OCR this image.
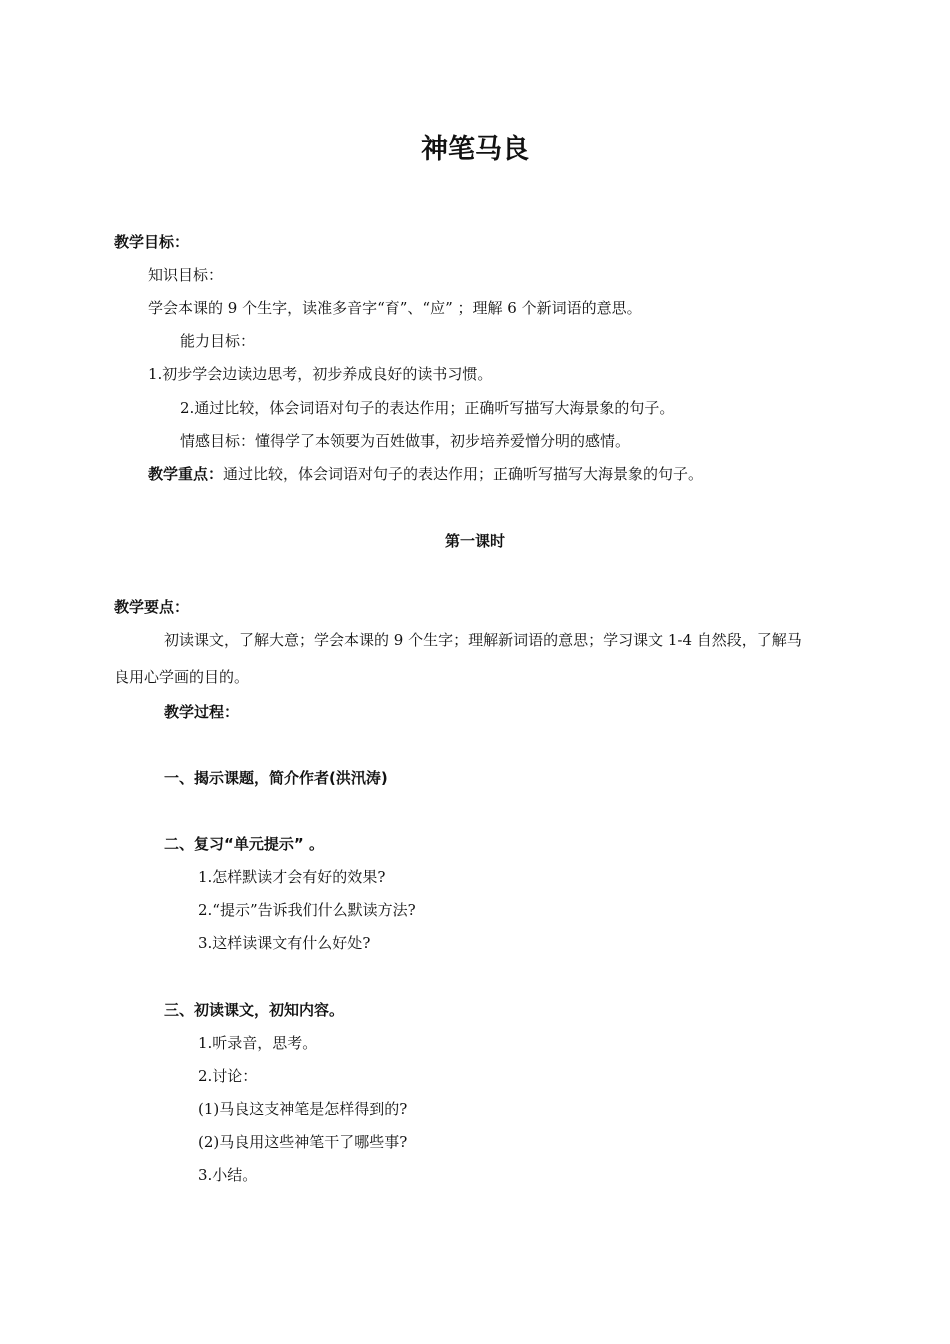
神笔马良
教学目标：
知识目标：
学会本课的 9 个生字，读准多音字“育”、“应” ；理解 6 个新词语的意思。
能力目标：
1.初步学会边读边思考，初步养成良好的读书习惯。
2.通过比较，体会词语对句子的表达作用；正确听写描写大海景象的句子。
情感目标：懂得学了本领要为百姓做事，初步培养爱憎分明的感情。
教学重点：通过比较，体会词语对句子的表达作用；正确听写描写大海景象的句子。
第一课时
教学要点：
初读课文，了解大意；学会本课的 9 个生字；理解新词语的意思；学习课文 1-4 自然段，了解马
良用心学画的目的。
教学过程：
一、揭示课题，简介作者(洪汛涛)
二、复习“单元提示” 。
1.怎样默读才会有好的效果?
2.“提示”告诉我们什么默读方法?
3.这样读课文有什么好处?
三、初读课文，初知内容。
1.听录音，思考。
2.讨论：
(1)马良这支神笔是怎样得到的?
(2)马良用这些神笔干了哪些事?
3.小结。
